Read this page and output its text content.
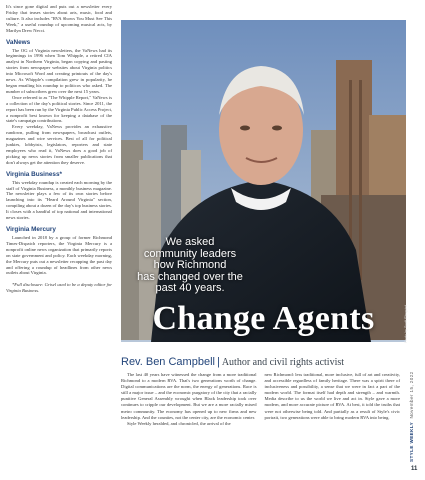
It's since gone digital and puts out a newsletter every Friday that teases stories about arts, music, food and culture. It also includes "RVA Shows You Must See This Week," a useful roundup of upcoming musical acts, by Marilyn Drew Necci.

VaNews

The OG of Virginia newsletters, the VaNews had its beginnings in 1996 when Tom Whipple, a retired CIA analyst in Northern Virginia, began copying and pasting stories from newspaper websites about Virginia politics into Microsoft Word and creating printouts of the day's news. As Whipple's compilation grew in popularity, he began emailing his roundup to politicos who asked. The number of subscribers grew over the next 15 years.

Once referred to as "The Whipple Report," VaNews is a collection of the day's political stories. Since 2011, the report has been run by the Virginia Public Access Project, a nonprofit best known for keeping a database of the state's campaign contributions.

Every weekday, VaNews provides an exhaustive rundown, pulling from newspapers, broadcast outlets, magazines and wire services. Best of all for political junkies, lobbyists, legislators, reporters and state employees who read it, VaNews does a good job of picking up news stories from smaller publications that don't always get the attention they deserve.

Virginia Business*

This weekday roundup is created each morning by the staff of Virginia Business, a monthly business magazine. The newsletter plays a few of its own stories before launching into its "Heard Around Virginia" section, compiling about a dozen of the day's top business stories. It closes with a handful of top national and international news stories.

Virginia Mercury

Launched in 2018 by a group of former Richmond Times-Dispatch reporters, the Virginia Mercury is a nonprofit online news organization that primarily reports on state government and policy. Each weekday morning, the Mercury puts out a newsletter recapping the past day and offering a roundup of headlines from other news outlets about Virginia.

*Full disclosure: Grisel used to be a deputy editor for Virginia Business.

We asked
community leaders
how Richmond
has changed over the
past 40 years.
Change Agents	Photo by Scott Elmquist
Rev. Ben Campbell | Author and civil rights activist

The last 40 years have witnessed the change from a more traditional Richmond to a modern RVA. That's two generations worth of change. Digital communications are the norm, the energy of generations. Race is still a major issue – and the economic purgatory of the city that a racially punitive General Assembly wrought when Black leadership took over continues to cripple our development. But we are a more racially mixed metro community. The economy has opened up to new firms and new leadership. And the counties, not the center city, are the economic center.

Style Weekly heralded, and chronicled, the arrival of the

new Richmond: less traditional, more inclusive, full of art and creativity, and accessible regardless of family heritage. There was a spirit there of inclusiveness and possibility, a sense that we were in fact a part of the modern world. The format itself had depth and strength – and warmth. Media describe to us the world we live and act in. Style gave a more modern, and more accurate picture of RVA. At best, it told the truths that were not otherwise being told. And partially as a result of Style's civic portrait, two generations were able to bring modern RVA into being.

STYLE WEEKLY  November 15, 2022
11
